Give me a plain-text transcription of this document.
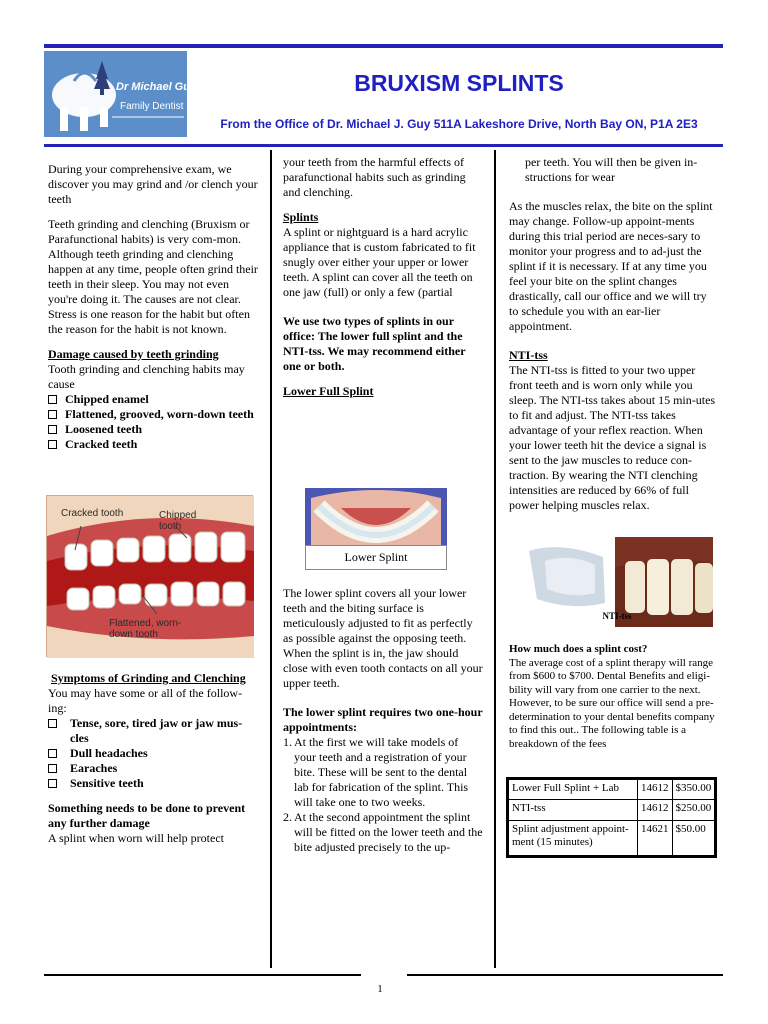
Dr Michael Guy
Family Dentist
BRUXISM SPLINTS
From the Office of Dr. Michael J. Guy 511A Lakeshore Drive, North Bay ON, P1A 2E3

During your comprehensive exam, we discover you may grind and /or clench your teeth

Teeth grinding and clenching (Bruxism or Parafunctional habits) is very com-mon. Although teeth grinding and clenching happen at any time, people often grind their teeth in their sleep. You may not even you're doing it. The causes are not clear. Stress is one reason for the habit but often the reason for the habit is not known.

Damage caused by teeth grinding
Tooth grinding and clenching habits may cause
Chipped enamel
Flattened, grooved, worn-down teeth
Loosened teeth
Cracked teeth
Cracked tooth	Chipped tooth
Flattened, worn-down tooth
Symptoms of Grinding and Clenching
You may have some or all of the follow-ing:
Tense, sore, tired jaw or jaw mus-cles
Dull headaches
Earaches
Sensitive teeth
Something needs to be done to prevent any further damage
A splint when worn will help protect

your teeth from the harmful effects of parafunctional habits such as grinding and clenching.

Splints

A splint or nightguard is a hard acrylic appliance that is custom fabricated to fit snugly over either your upper or lower teeth. A splint can cover all the teeth on one jaw (full) or only a few (partial

We use two types of splints in our office: The lower full splint and the NTI-tss. We may recommend either one or both.

Lower Full Splint
Lower Splint

The lower splint covers all your lower teeth and the biting surface is meticulously adjusted to fit as perfectly as possible against the opposing teeth. When the splint is in, the jaw should close with even tooth contacts on all your upper teeth.

The lower splint requires two one-hour appointments:
1. At the first we will take models of your teeth and a registration of your bite. These will be sent to the dental lab for fabrication of the splint. This will take one to two weeks.
2. At the second appointment the splint will be fitted on the lower teeth and the bite adjusted precisely to the up-

per teeth. You will then be given in-structions for wear

As the muscles relax, the bite on the splint may change. Follow-up appoint-ments during this trial period are neces-sary to monitor your progress and to ad-just the splint if it is necessary. If at any time you feel your bite on the splint changes drastically, call our office and we will try to schedule you with an ear-lier appointment.

NTI-tss

The NTI-tss is fitted to your two upper front teeth and is worn only while you sleep. The NTI-tss takes about 15 min-utes to fit and adjust. The NTI-tss takes advantage of your reflex reaction. When your lower teeth hit the device a signal is sent to the jaw muscles to reduce con-traction. By wearing the NTI clenching intensities are reduced by 66% of full power helping muscles relax.

NTI-tss
How much does a splint cost?
The average cost of a splint therapy will range from $600 to $700. Dental Benefits and eligi-bility will vary from one carrier to the next. However, to be sure our office will send a pre-determination to your dental benefits company to find this out.. The following table is a breakdown of the fees
Lower Full Splint + Lab	14612	$350.00
NTI-tss	14612	$250.00
Splint adjustment appoint-ment (15 minutes)	14621	$50.00
1
